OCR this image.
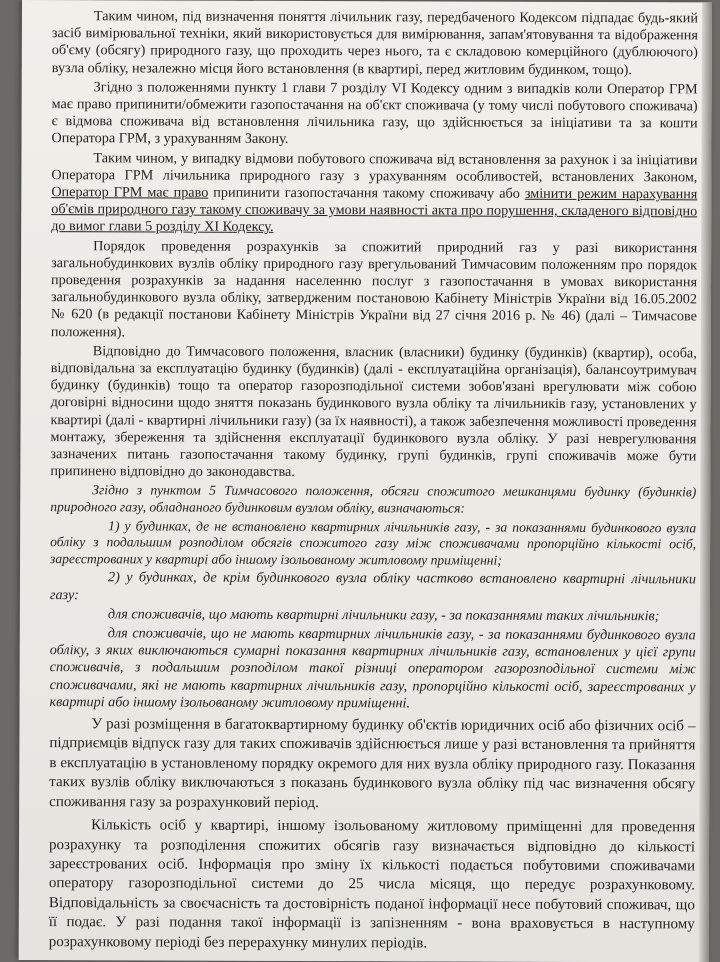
Таким чином, під визначення поняття лічильник газу, передбаченого Кодексом підпадає будь-який засіб вимірювальної техніки, який використовується для вимірювання, запам'ятовування та відображення об'єму (обсягу) природного газу, що проходить через нього, та є складовою комерційного (дублюючого) вузла обліку, незалежно місця його встановлення (в квартирі, перед житловим будинком, тощо).

Згідно з положеннями пункту 1 глави 7 розділу VI Кодексу одним з випадків коли Оператор ГРМ має право припинити/обмежити газопостачання на об'єкт споживача (у тому числі побутового споживача) є відмова споживача від встановлення лічильника газу, що здійснюється за ініціативи та за кошти Оператора ГРМ, з урахуванням Закону.

Таким чином, у випадку відмови побутового споживача від встановлення за рахунок і за ініціативи Оператора ГРМ лічильника природного газу з урахуванням особливостей, встановлених Законом, Оператор ГРМ має право припинити газопостачання такому споживачу або змінити режим нарахування об'ємів природного газу такому споживачу за умови наявності акта про порушення, складеного відповідно до вимог глави 5 розділу XI Кодексу.

Порядок проведення розрахунків за спожитий природний газ у разі використання загальнобудинкових вузлів обліку природного газу врегульований Тимчасовим положенням про порядок проведення розрахунків за надання населенню послуг з газопостачання в умовах використання загальнобудинкового вузла обліку, затвердженим постановою Кабінету Міністрів України від 16.05.2002 № 620 (в редакції постанови Кабінету Міністрів України від 27 січня 2016 р. № 46) (далі – Тимчасове положення).

Відповідно до Тимчасового положення, власник (власники) будинку (будинків) (квартир), особа, відповідальна за експлуатацію будинку (будинків) (далі - експлуатаційна організація), балансоутримувач будинку (будинків) тощо та оператор газорозподільної системи зобов'язані врегулювати між собою договірні відносини щодо зняття показань будинкового вузла обліку та лічильників газу, установлених у квартирі (далі - квартирні лічильники газу) (за їх наявності), а також забезпечення можливості проведення монтажу, збереження та здійснення експлуатації будинкового вузла обліку. У разі неврегулювання зазначених питань газопостачання такому будинку, групі будинків, групі споживачів може бути припинено відповідно до законодавства.

Згідно з пунктом 5 Тимчасового положення, обсяги спожитого мешканцями будинку (будинків) природного газу, обладнаного будинковим вузлом обліку, визначаються:

1) у будинках, де не встановлено квартирних лічильників газу, - за показаннями будинкового вузла обліку з подальшим розподілом обсягів спожитого газу між споживачами пропорційно кількості осіб, зареєстрованих у квартирі або іншому ізольованому житловому приміщенні;

2) у будинках, де крім будинкового вузла обліку частково встановлено квартирні лічильники газу:

для споживачів, що мають квартирні лічильники газу, - за показаннями таких лічильників;

для споживачів, що не мають квартирних лічильників газу, - за показаннями будинкового вузла обліку, з яких виключаються сумарні показання квартирних лічильників газу, встановлених у цієї групи споживачів, з подальшим розподілом такої різниці оператором газорозподільної системи між споживачами, які не мають квартирних лічильників газу, пропорційно кількості осіб, зареєстрованих у квартирі або іншому ізольованому житловому приміщенні.

У разі розміщення в багатоквартирному будинку об'єктів юридичних осіб або фізичних осіб – підприємців відпуск газу для таких споживачів здійснюється лише у разі встановлення та прийняття в експлуатацію в установленому порядку окремого для них вузла обліку природного газу. Показання таких вузлів обліку виключаються з показань будинкового вузла обліку під час визначення обсягу споживання газу за розрахунковий період.

Кількість осіб у квартирі, іншому ізольованому житловому приміщенні для проведення розрахунку та розподілення спожитих обсягів газу визначається відповідно до кількості зареєстрованих осіб. Інформація про зміну їх кількості подається побутовими споживачами оператору газорозподільної системи до 25 числа місяця, що передує розрахунковому. Відповідальність за своєчасність та достовірність поданої інформації несе побутовий споживач, що її подає. У разі подання такої інформації із запізненням - вона враховується в наступному розрахунковому періоді без перерахунку минулих періодів.
